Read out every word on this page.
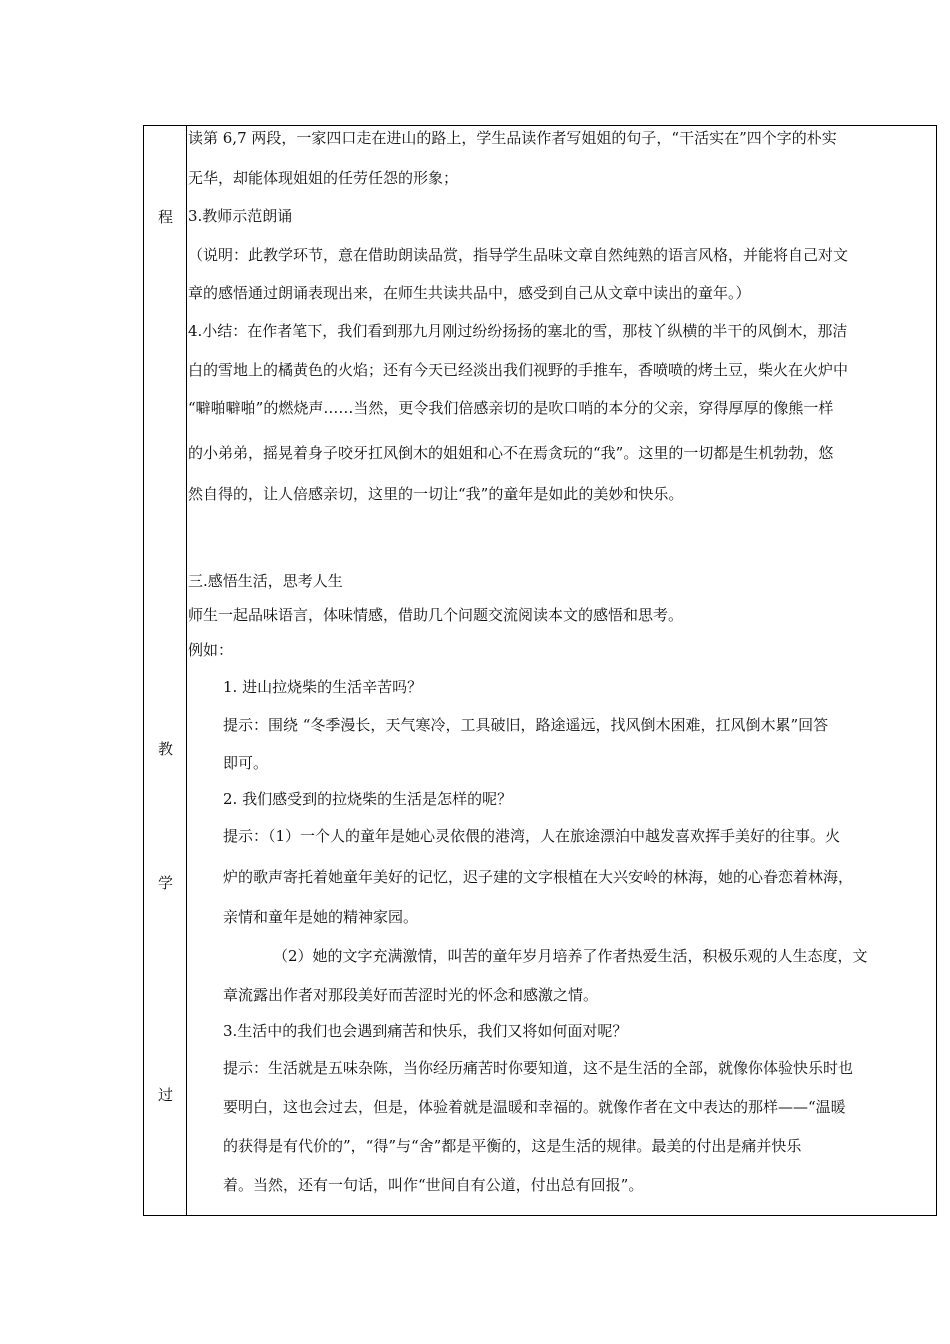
程
教
学
过
读第 6,7 两段，一家四口走在进山的路上，学生品读作者写姐姐的句子，“干活实在”四个字的朴实
无华，却能体现姐姐的任劳任怨的形象；
3.教师示范朗诵
（说明：此教学环节，意在借助朗读品赏，指导学生品味文章自然纯熟的语言风格，并能将自己对文
章的感悟通过朗诵表现出来，在师生共读共品中，感受到自己从文章中读出的童年。）
4.小结：在作者笔下，我们看到那九月刚过纷纷扬扬的塞北的雪，那枝丫纵横的半干的风倒木，那洁
白的雪地上的橘黄色的火焰；还有今天已经淡出我们视野的手推车，香喷喷的烤土豆，柴火在火炉中
“噼啪噼啪”的燃烧声……当然，更令我们倍感亲切的是吹口哨的本分的父亲，穿得厚厚的像熊一样
的小弟弟，摇晃着身子咬牙扛风倒木的姐姐和心不在焉贪玩的“我”。这里的一切都是生机勃勃，悠
然自得的，让人倍感亲切，这里的一切让“我”的童年是如此的美妙和快乐。
三.感悟生活，思考人生
师生一起品味语言，体味情感，借助几个问题交流阅读本文的感悟和思考。
例如：
1. 进山拉烧柴的生活辛苦吗？
提示：围绕 “冬季漫长，天气寒冷，工具破旧，路途遥远，找风倒木困难，扛风倒木累”回答
即可。
2. 我们感受到的拉烧柴的生活是怎样的呢？
提示：（1）一个人的童年是她心灵依偎的港湾，人在旅途漂泊中越发喜欢挥手美好的往事。火
炉的歌声寄托着她童年美好的记忆，迟子建的文字根植在大兴安岭的林海，她的心眷恋着林海，
亲情和童年是她的精神家园。
（2）她的文字充满激情，叫苦的童年岁月培养了作者热爱生活，积极乐观的人生态度，文
章流露出作者对那段美好而苦涩时光的怀念和感激之情。
3.生活中的我们也会遇到痛苦和快乐，我们又将如何面对呢？
提示：生活就是五味杂陈，当你经历痛苦时你要知道，这不是生活的全部，就像你体验快乐时也
要明白，这也会过去，但是，体验着就是温暖和幸福的。就像作者在文中表达的那样——“温暖
的获得是有代价的”，“得”与“舍”都是平衡的，这是生活的规律。最美的付出是痛并快乐
着。当然，还有一句话，叫作“世间自有公道，付出总有回报”。
